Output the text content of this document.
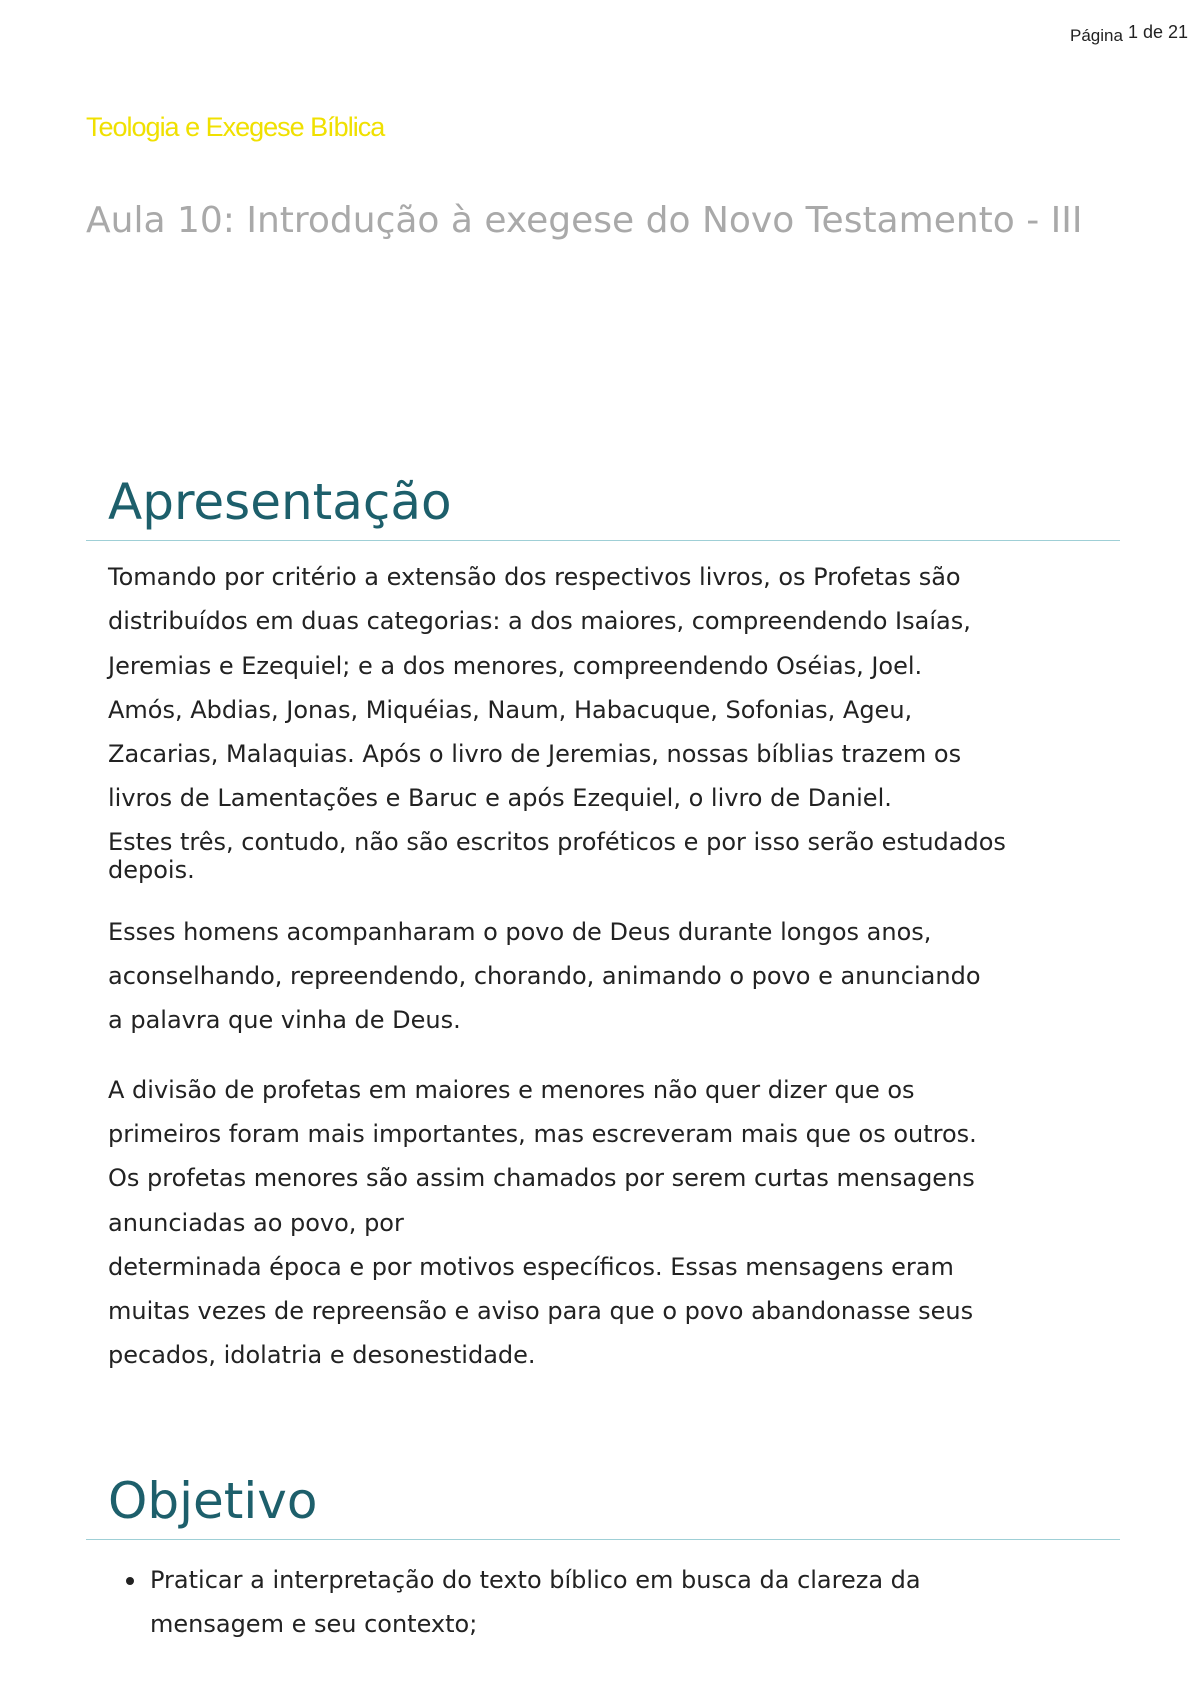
Página 1 de 21
Teologia e Exegese Bíblica
Aula 10: Introdução à exegese do Novo Testamento - III
Apresentação

Tomando por critério a extensão dos respectivos livros, os Profetas são
distribuídos em duas categorias: a dos maiores, compreendendo Isaías,
Jeremias e Ezequiel; e a dos menores, compreendendo Oséias, Joel.
Amós, Abdias, Jonas, Miquéias, Naum, Habacuque, Sofonias, Ageu,
Zacarias, Malaquias. Após o livro de Jeremias, nossas bíblias trazem os
livros de Lamentações e Baruc e após Ezequiel, o livro de Daniel.
Estes três, contudo, não são escritos proféticos e por isso serão estudados
depois.

Esses homens acompanharam o povo de Deus durante longos anos,
aconselhando, repreendendo, chorando, animando o povo e anunciando
a palavra que vinha de Deus.

A divisão de profetas em maiores e menores não quer dizer que os
primeiros foram mais importantes, mas escreveram mais que os outros.
Os profetas menores são assim chamados por serem curtas mensagens
anunciadas ao povo, por
determinada época e por motivos específicos. Essas mensagens eram
muitas vezes de repreensão e aviso para que o povo abandonasse seus
pecados, idolatria e desonestidade.

Objetivo
Praticar a interpretação do texto bíblico em busca da clareza da
mensagem e seu contexto;
